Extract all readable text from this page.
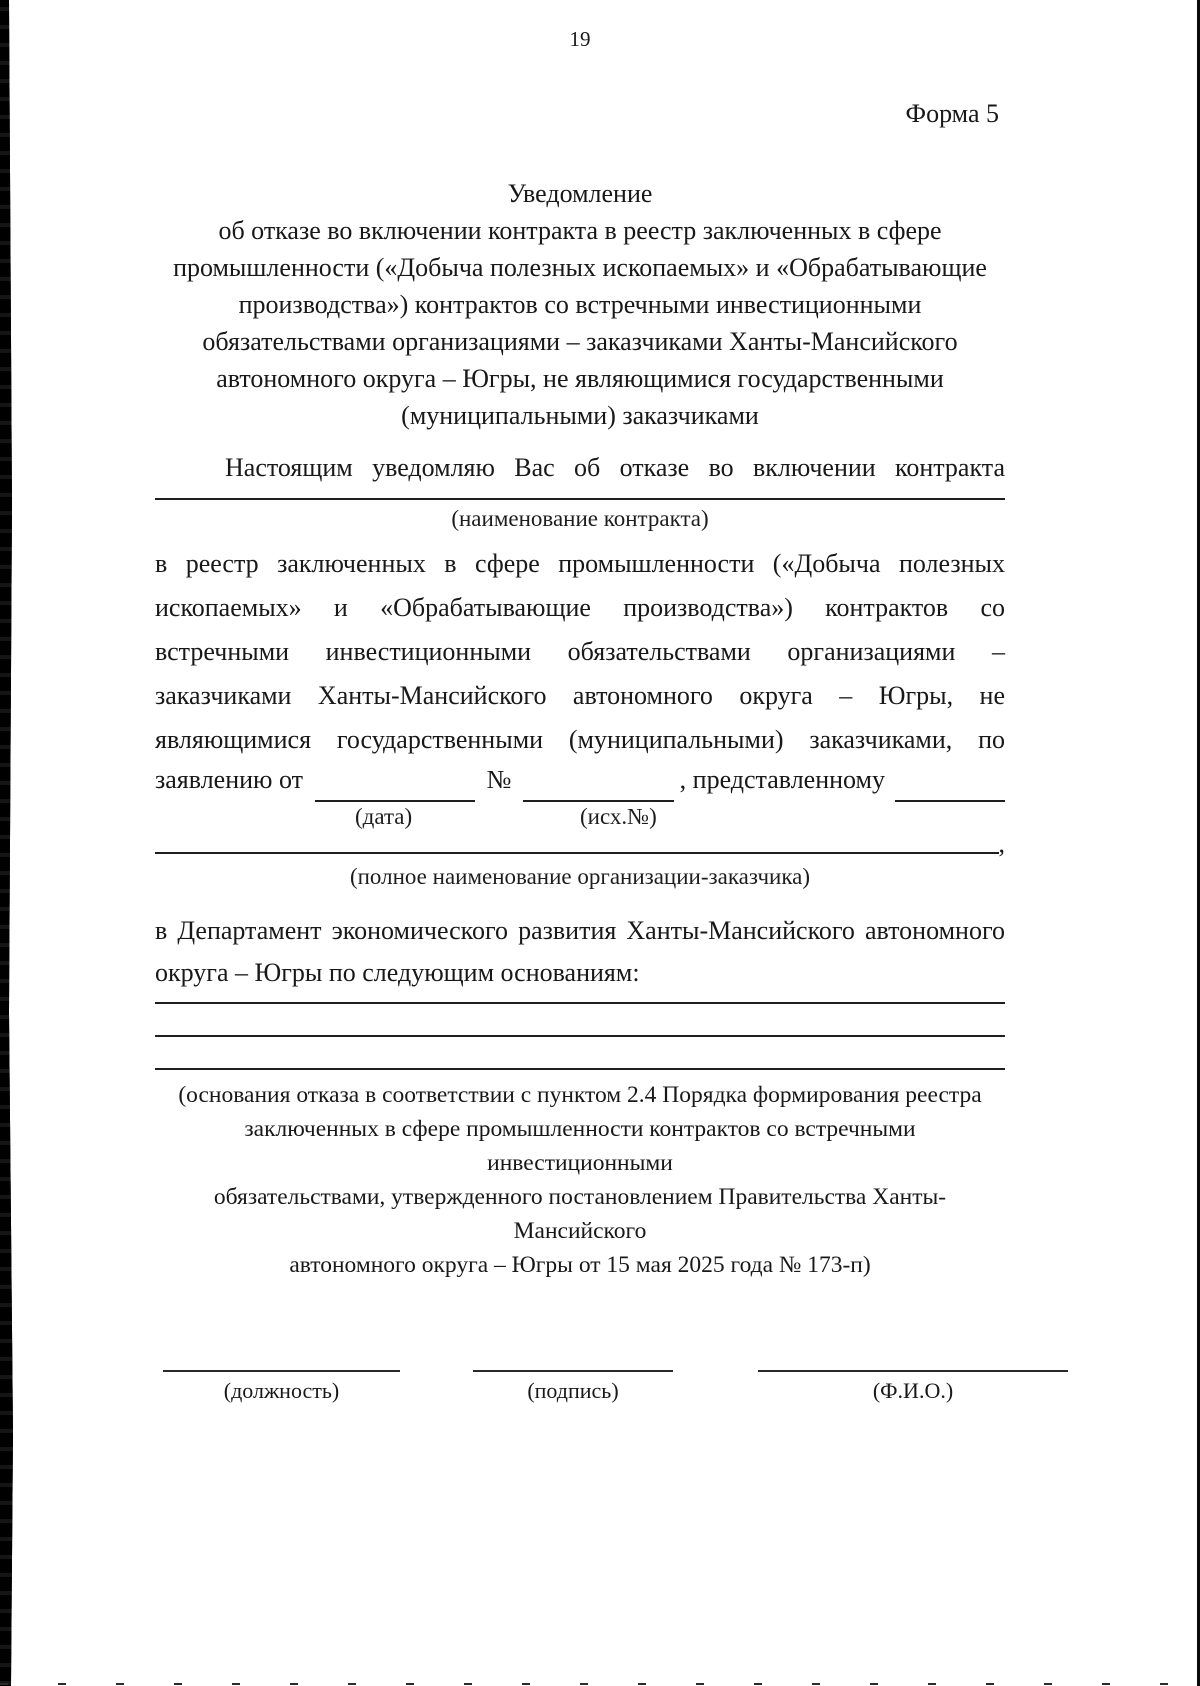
19
Форма 5
Уведомление
об отказе во включении контракта в реестр заключенных в сфере
промышленности («Добыча полезных ископаемых» и «Обрабатывающие
производства») контрактов со встречными инвестиционными
обязательствами организациями – заказчиками Ханты-Мансийского
автономного округа – Югры, не являющимися государственными
(муниципальными) заказчиками
Настоящим уведомляю Вас об отказе во включении контракта
(наименование контракта)
в реестр заключенных в сфере промышленности («Добыча полезных
ископаемых» и «Обрабатывающие производства») контрактов со
встречными инвестиционными обязательствами организациями –
заказчиками Ханты-Мансийского автономного округа – Югры, не
являющимися государственными (муниципальными) заказчиками, по
заявлению от	№	, представленному
(дата)	(исх.№)
,
(полное наименование организации-заказчика)
в Департамент экономического развития Ханты-Мансийского автономного
округа – Югры по следующим основаниям:
(основания отказа в соответствии с пунктом 2.4 Порядка формирования реестра
заключенных в сфере промышленности контрактов со встречными инвестиционными
обязательствами, утвержденного постановлением Правительства Ханты-Мансийского
автономного округа – Югры от 15 мая 2025 года № 173-п)
(должность)	(подпись)	(Ф.И.О.)
